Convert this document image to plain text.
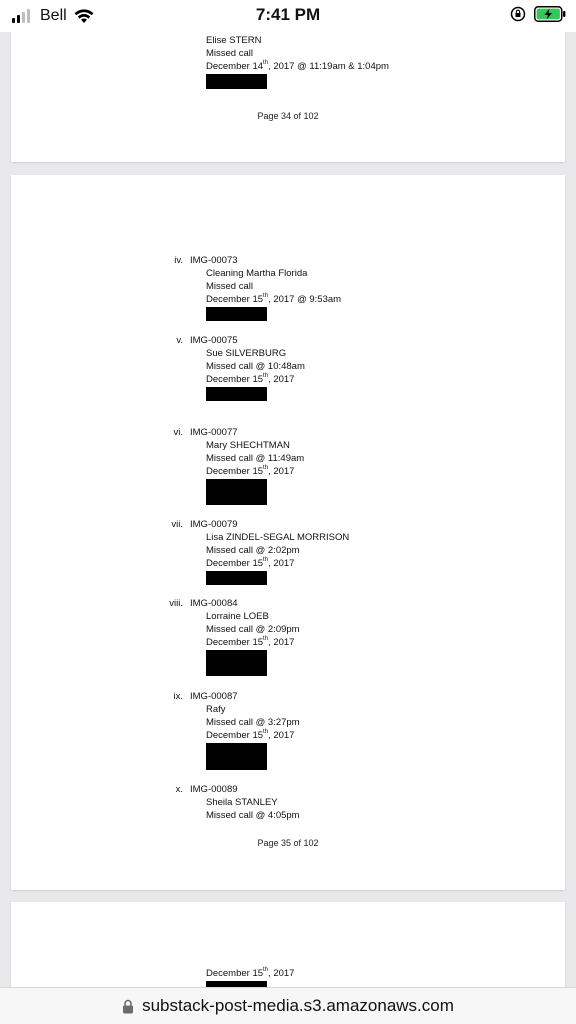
Bell	7:41 PM
Elise STERN
Missed call
December 14th, 2017 @ 11:19am & 1:04pm
Page 34 of 102
iv. IMG-00073
Cleaning Martha Florida
Missed call
December 15th, 2017 @ 9:53am
v. IMG-00075
Sue SILVERBURG
Missed call @ 10:48am
December 15th, 2017
vi. IMG-00077
Mary SHECHTMAN
Missed call @ 11:49am
December 15th, 2017
vii. IMG-00079
Lisa ZINDEL-SEGAL MORRISON
Missed call @ 2:02pm
December 15th, 2017
viii. IMG-00084
Lorraine LOEB
Missed call @ 2:09pm
December 15th, 2017
ix. IMG-00087
Rafy
Missed call @ 3:27pm
December 15th, 2017
x. IMG-00089
Sheila STANLEY
Missed call @ 4:05pm
Page 35 of 102
December 15th, 2017
substack-post-media.s3.amazonaws.com
